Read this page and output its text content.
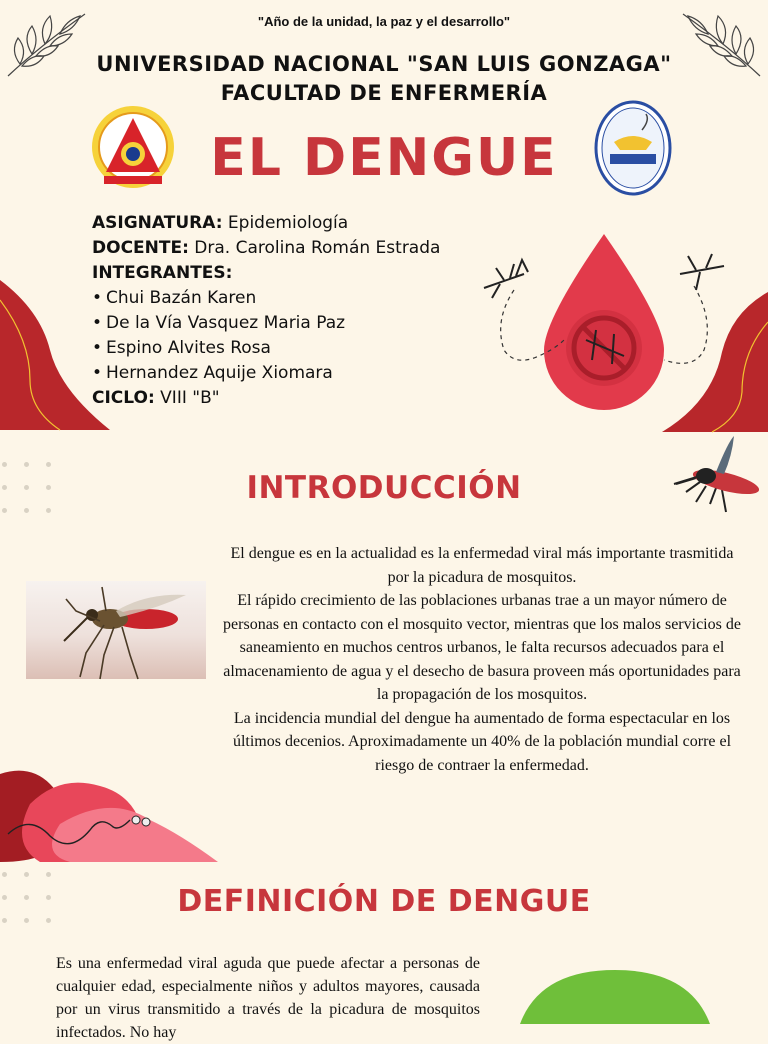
"Año de la unidad, la paz y el desarrollo"
UNIVERSIDAD NACIONAL "SAN LUIS GONZAGA"
FACULTAD DE ENFERMERÍA
EL DENGUE
ASIGNATURA: Epidemiología
DOCENTE: Dra. Carolina Román Estrada
INTEGRANTES:
• Chui Bazán Karen
• De la Vía Vasquez Maria Paz
• Espino Alvites Rosa
• Hernandez Aquije Xiomara
CICLO: VIII "B"
INTRODUCCIÓN

El dengue es en la actualidad es la enfermedad viral más importante trasmitida por la picadura de mosquitos.

El rápido crecimiento de las poblaciones urbanas trae a un mayor número de personas en contacto con el mosquito vector, mientras que los malos servicios de saneamiento en muchos centros urbanos, le falta recursos adecuados para el almacenamiento de agua y el desecho de basura proveen más oportunidades para la propagación de los mosquitos.

La incidencia mundial del dengue ha aumentado de forma espectacular en los últimos decenios. Aproximadamente un 40% de la población mundial corre el riesgo de contraer la enfermedad.

DEFINICIÓN DE DENGUE
Es una enfermedad viral aguda que puede afectar a personas de cualquier edad, especialmente niños y adultos mayores, causada por un virus transmitido a través de la picadura de mosquitos infectados. No hay
